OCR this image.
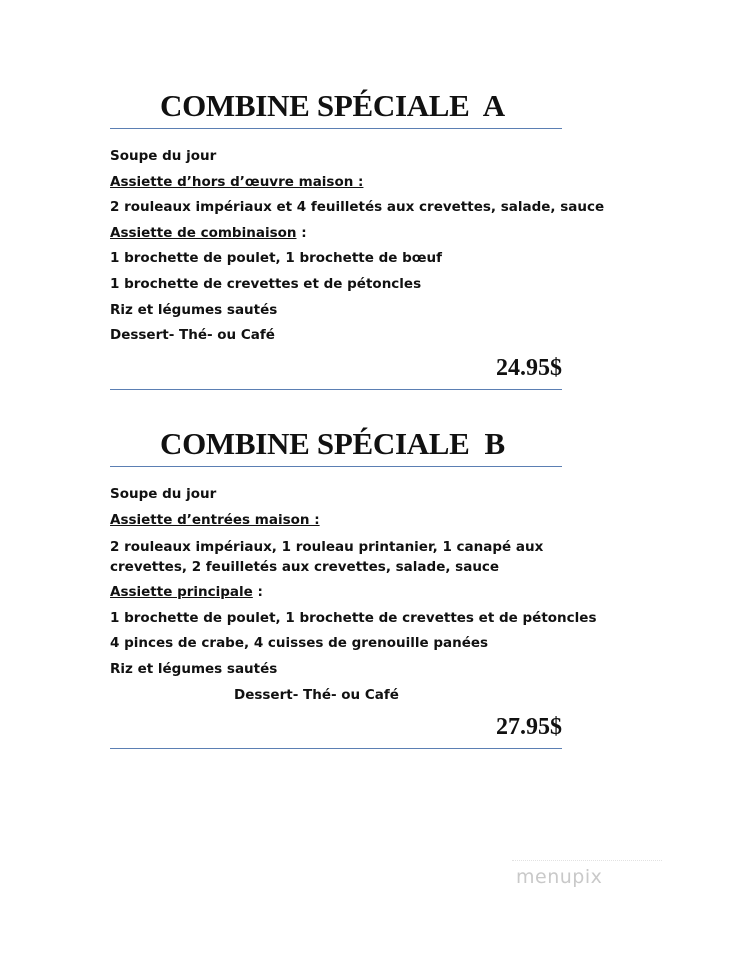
COMBINE SPÉCIALE  A
Soupe du jour
Assiette d’hors d’œuvre maison :
2 rouleaux impériaux et 4 feuilletés aux crevettes, salade, sauce
Assiette de combinaison :
1 brochette de poulet, 1 brochette de bœuf
1 brochette de crevettes et de pétoncles
Riz et légumes sautés
Dessert- Thé- ou Café
24.95$
COMBINE SPÉCIALE  B
Soupe du jour
Assiette d’entrées maison :
2 rouleaux impériaux, 1 rouleau printanier, 1 canapé aux crevettes, 2 feuilletés aux crevettes, salade, sauce
Assiette principale :
1 brochette de poulet, 1 brochette de crevettes et de pétoncles
4 pinces de crabe, 4 cuisses de grenouille panées
Riz et légumes sautés
Dessert- Thé- ou Café
27.95$
menupix
